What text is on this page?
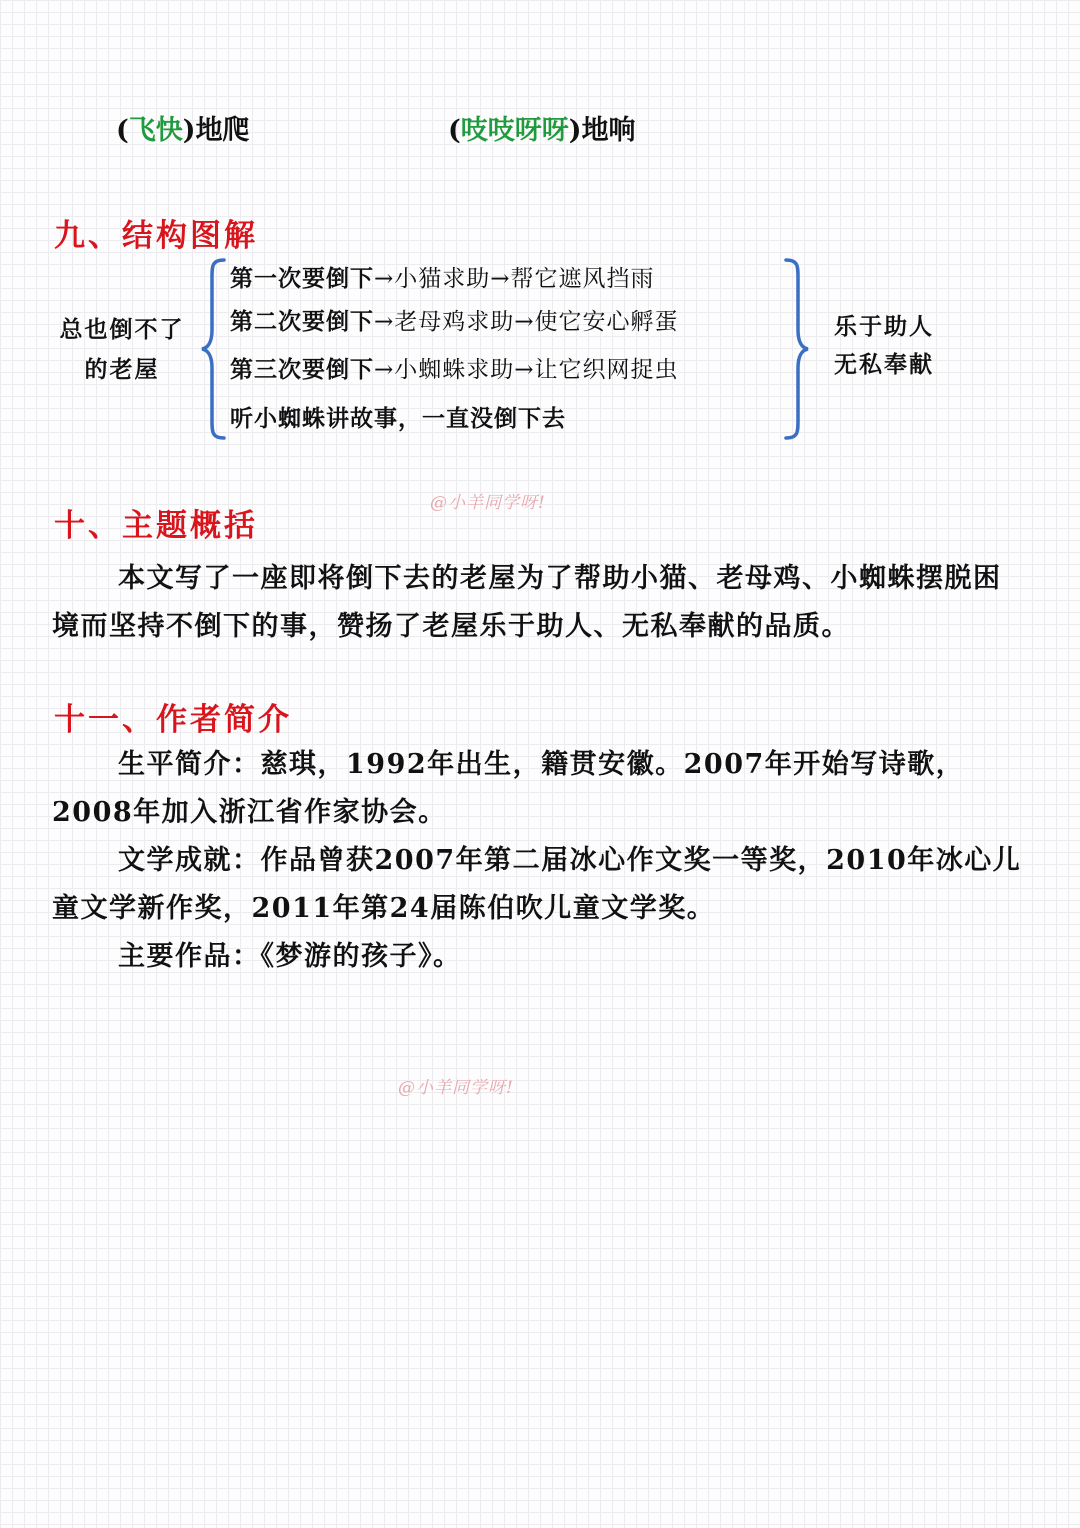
(飞快)地爬	(吱吱呀呀)地响
九、结构图解
总也倒不了
的老屋
第一次要倒下→小猫求助→帮它遮风挡雨
第二次要倒下→老母鸡求助→使它安心孵蛋
第三次要倒下→小蜘蛛求助→让它织网捉虫
听小蜘蛛讲故事，一直没倒下去
乐于助人
无私奉献
@小羊同学呀!
十、主题概括
本文写了一座即将倒下去的老屋为了帮助小猫、老母鸡、小蜘蛛摆脱困境而坚持不倒下的事，赞扬了老屋乐于助人、无私奉献的品质。
十一、作者简介
生平简介：慈琪，1992年出生，籍贯安徽。2007年开始写诗歌，2008年加入浙江省作家协会。
文学成就：作品曾获2007年第二届冰心作文奖一等奖，2010年冰心儿童文学新作奖，2011年第24届陈伯吹儿童文学奖。
主要作品：《梦游的孩子》。
@小羊同学呀!
